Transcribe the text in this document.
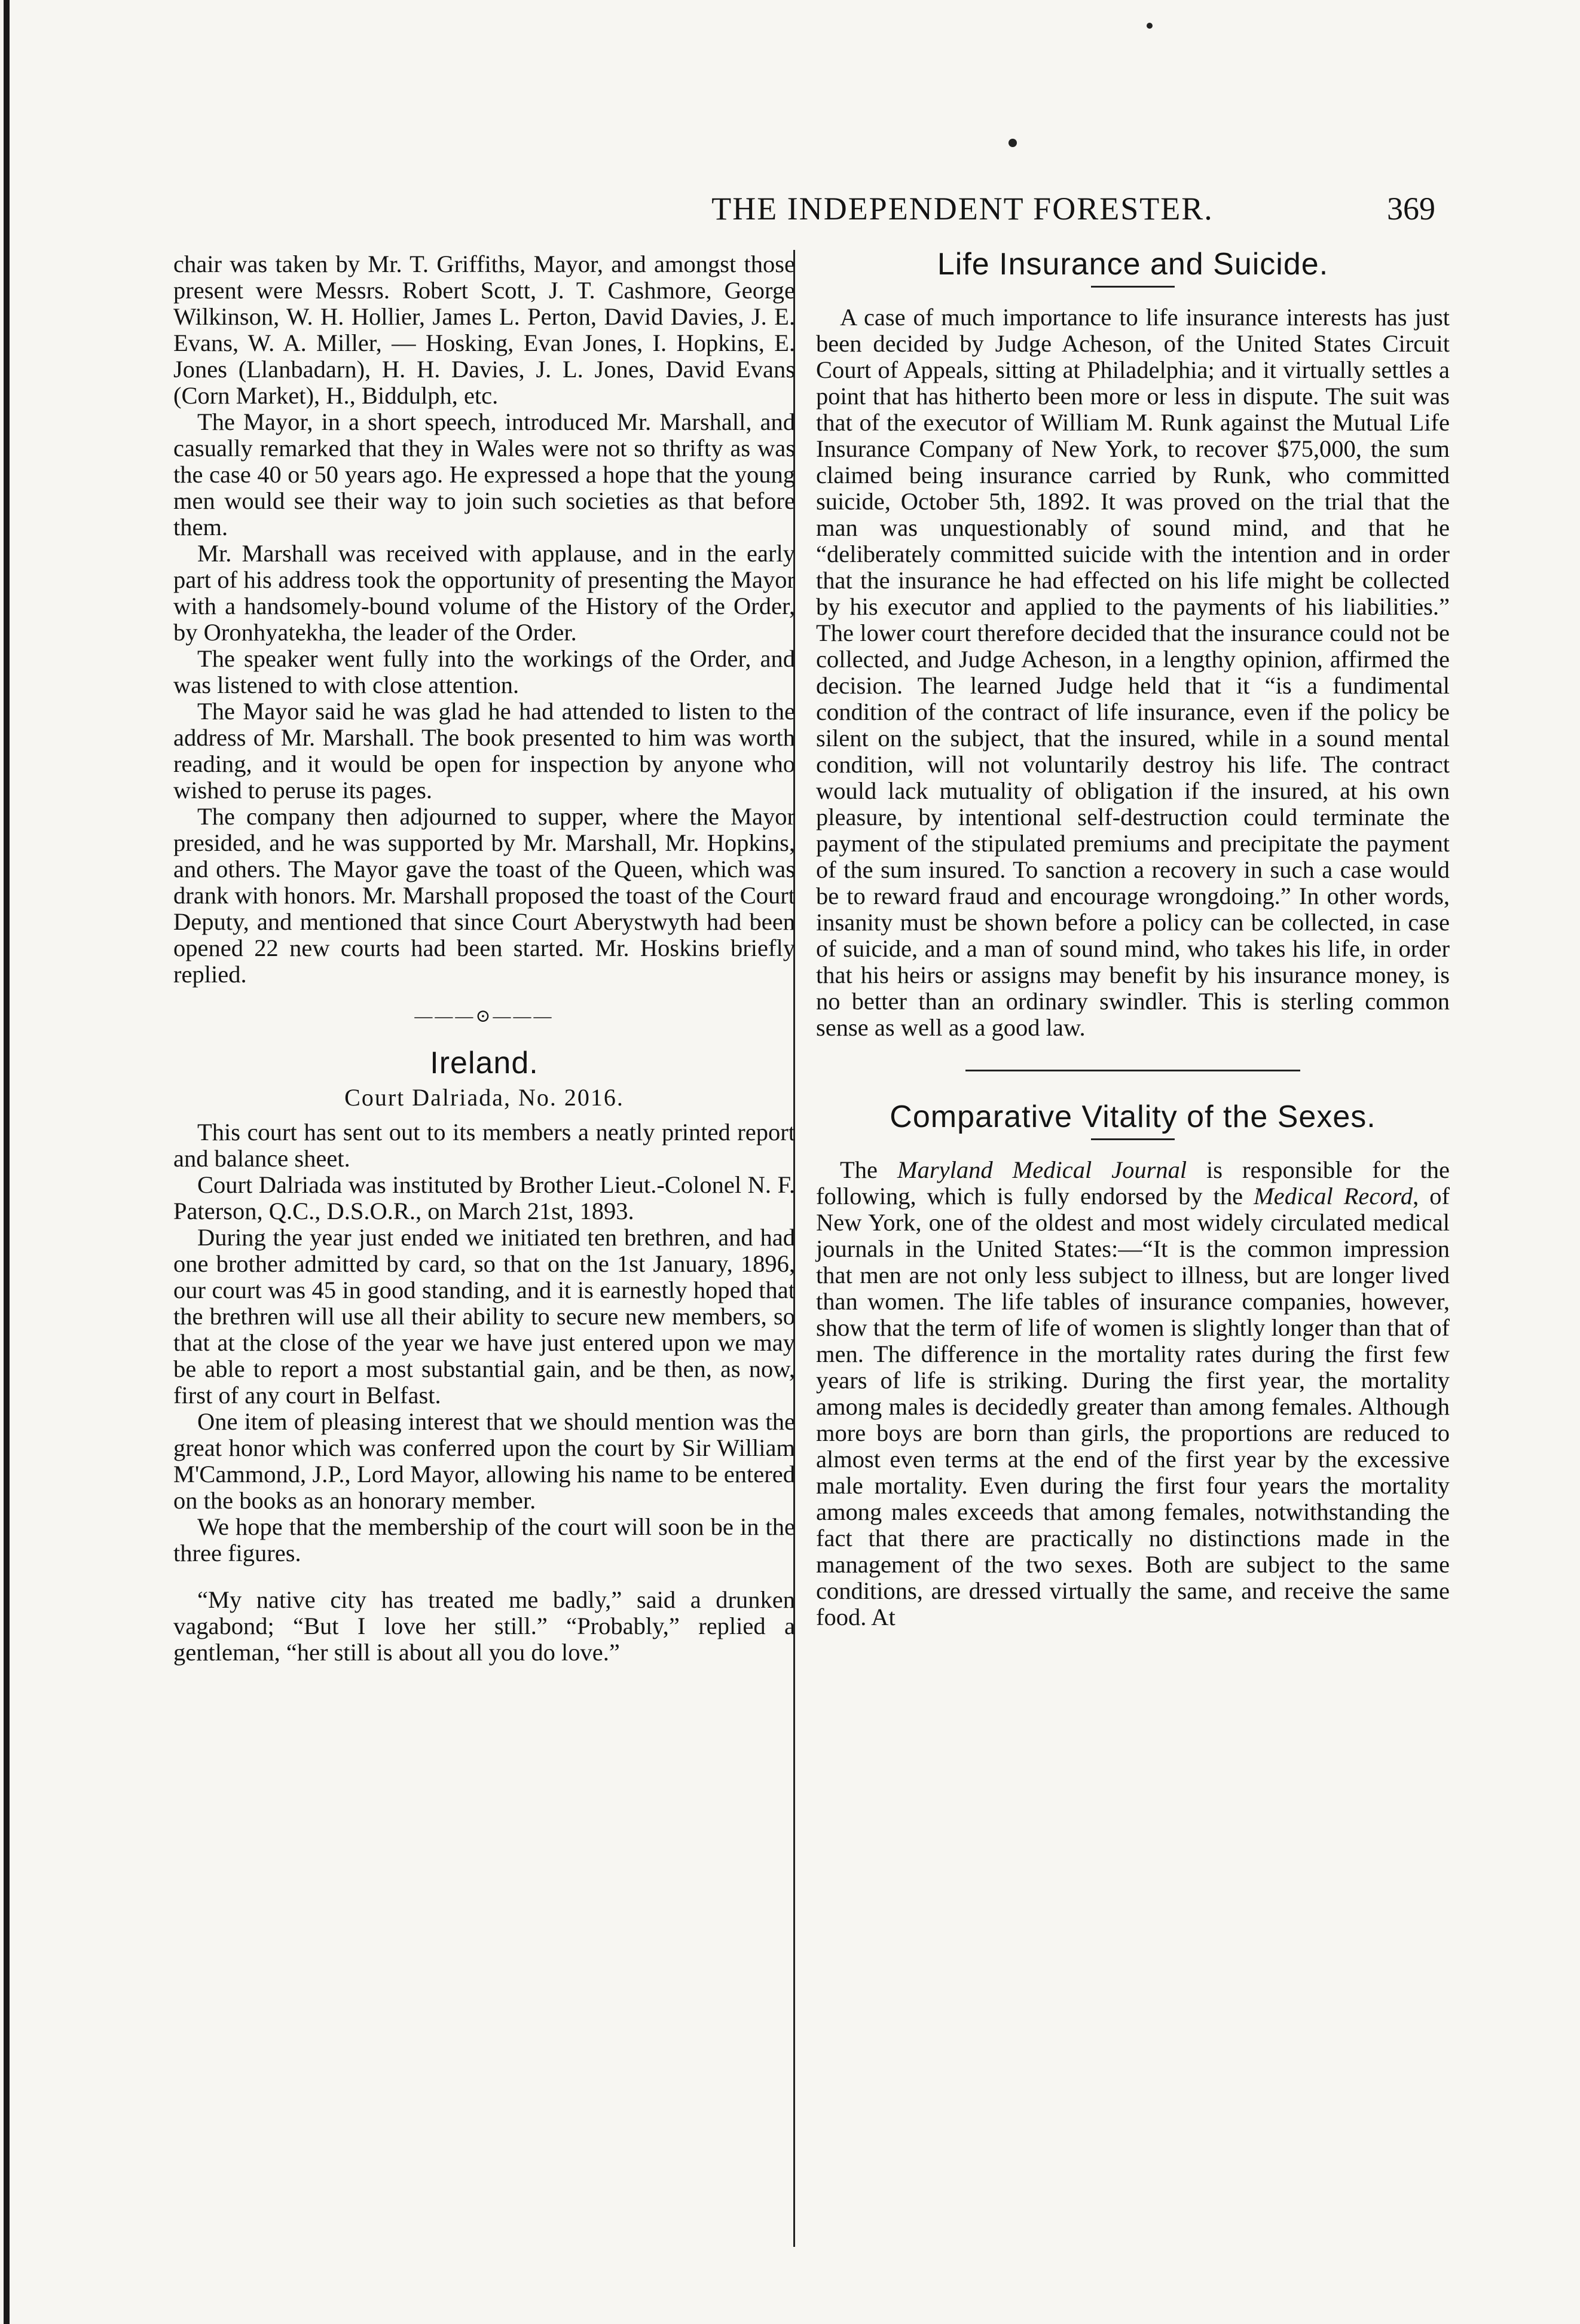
THE INDEPENDENT FORESTER.	369

chair was taken by Mr. T. Griffiths, Mayor, and amongst those present were Messrs. Robert Scott, J. T. Cashmore, George Wilkinson, W. H. Hollier, James L. Perton, David Davies, J. E. Evans, W. A. Miller, — Hosking, Evan Jones, I. Hopkins, E. Jones (Llanbadarn), H. H. Davies, J. L. Jones, David Evans (Corn Market), H., Biddulph, etc.

The Mayor, in a short speech, introduced Mr. Marshall, and casually remarked that they in Wales were not so thrifty as was the case 40 or 50 years ago. He expressed a hope that the young men would see their way to join such societies as that before them.

Mr. Marshall was received with applause, and in the early part of his address took the opportunity of presenting the Mayor with a handsomely-bound volume of the History of the Order, by Oronhyatekha, the leader of the Order.

The speaker went fully into the workings of the Order, and was listened to with close attention.

The Mayor said he was glad he had attended to listen to the address of Mr. Marshall. The book presented to him was worth reading, and it would be open for inspection by anyone who wished to peruse its pages.

The company then adjourned to supper, where the Mayor presided, and he was supported by Mr. Marshall, Mr. Hopkins, and others. The Mayor gave the toast of the Queen, which was drank with honors. Mr. Marshall proposed the toast of the Court Deputy, and mentioned that since Court Aberystwyth had been opened 22 new courts had been started. Mr. Hoskins briefly replied.

———⊙———
Ireland.
Court Dalriada, No. 2016.

This court has sent out to its members a neatly printed report and balance sheet.

Court Dalriada was instituted by Brother Lieut.-Colonel N. F. Paterson, Q.C., D.S.O.R., on March 21st, 1893.

During the year just ended we initiated ten brethren, and had one brother admitted by card, so that on the 1st January, 1896, our court was 45 in good standing, and it is earnestly hoped that the brethren will use all their ability to secure new members, so that at the close of the year we have just entered upon we may be able to report a most substantial gain, and be then, as now, first of any court in Belfast.

One item of pleasing interest that we should mention was the great honor which was conferred upon the court by Sir William M'Cammond, J.P., Lord Mayor, allowing his name to be entered on the books as an honorary member.

We hope that the membership of the court will soon be in the three figures.

“My native city has treated me badly,” said a drunken vagabond; “But I love her still.” “Probably,” replied a gentleman, “her still is about all you do love.”

Life Insurance and Suicide.

A case of much importance to life insurance interests has just been decided by Judge Acheson, of the United States Circuit Court of Appeals, sitting at Philadelphia; and it virtually settles a point that has hitherto been more or less in dispute. The suit was that of the executor of William M. Runk against the Mutual Life Insurance Company of New York, to recover $75,000, the sum claimed being insurance carried by Runk, who committed suicide, October 5th, 1892. It was proved on the trial that the man was unquestionably of sound mind, and that he “deliberately committed suicide with the intention and in order that the insurance he had effected on his life might be collected by his executor and applied to the payments of his liabilities.” The lower court therefore decided that the insurance could not be collected, and Judge Acheson, in a lengthy opinion, affirmed the decision. The learned Judge held that it “is a fundimental condition of the contract of life insurance, even if the policy be silent on the subject, that the insured, while in a sound mental condition, will not voluntarily destroy his life. The contract would lack mutuality of obligation if the insured, at his own pleasure, by intentional self-destruction could terminate the payment of the stipulated premiums and precipitate the payment of the sum insured. To sanction a recovery in such a case would be to reward fraud and encourage wrongdoing.” In other words, insanity must be shown before a policy can be collected, in case of suicide, and a man of sound mind, who takes his life, in order that his heirs or assigns may benefit by his insurance money, is no better than an ordinary swindler. This is sterling common sense as well as a good law.

Comparative Vitality of the Sexes.

The Maryland Medical Journal is responsible for the following, which is fully endorsed by the Medical Record, of New York, one of the oldest and most widely circulated medical journals in the United States:—“It is the common impression that men are not only less subject to illness, but are longer lived than women. The life tables of insurance companies, however, show that the term of life of women is slightly longer than that of men. The difference in the mortality rates during the first few years of life is striking. During the first year, the mortality among males is decidedly greater than among females. Although more boys are born than girls, the proportions are reduced to almost even terms at the end of the first year by the excessive male mortality. Even during the first four years the mortality among males exceeds that among females, notwithstanding the fact that there are practically no distinctions made in the management of the two sexes. Both are subject to the same conditions, are dressed virtually the same, and receive the same food. At
